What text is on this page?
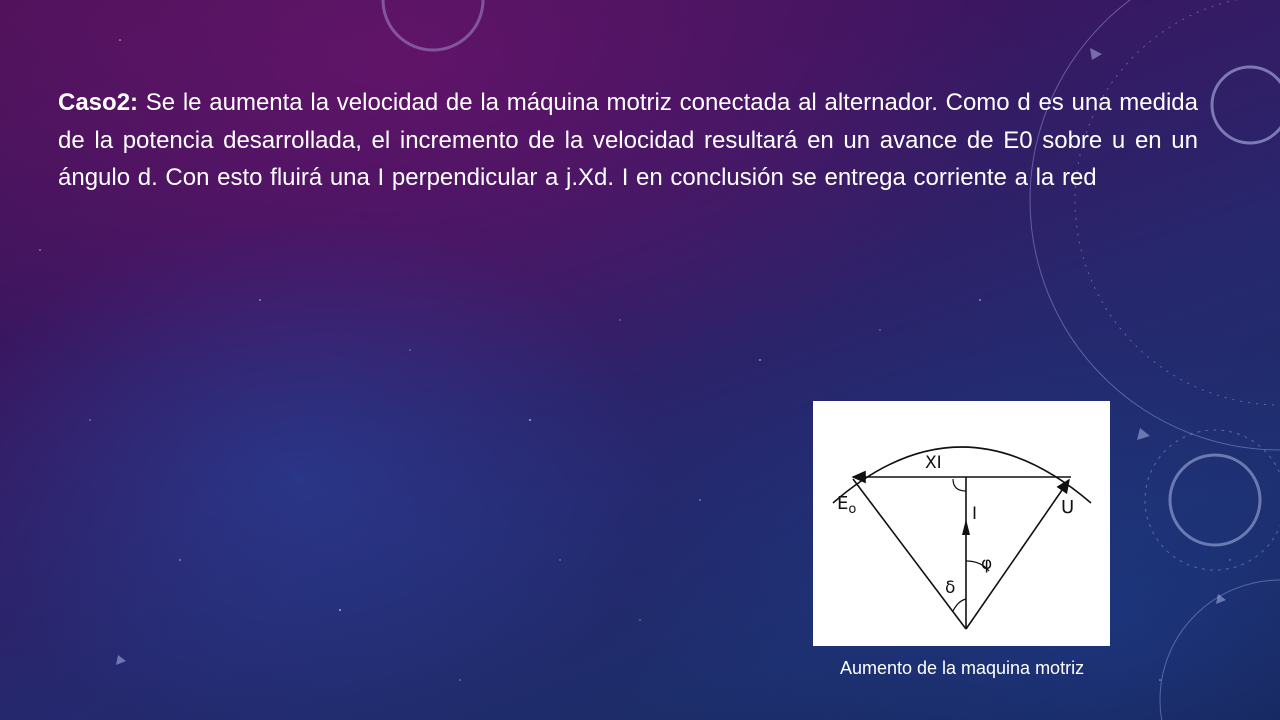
Caso2: Se le aumenta la velocidad de la máquina motriz conectada al alternador. Como d es una medida de la potencia desarrollada, el incremento de la velocidad resultará en un avance de E0 sobre u en un ángulo d. Con esto fluirá una I perpendicular a j.Xd. I en conclusión se entrega corriente a la red
XI
$E_o$	I	U
φ
δ
Aumento de la maquina motriz
